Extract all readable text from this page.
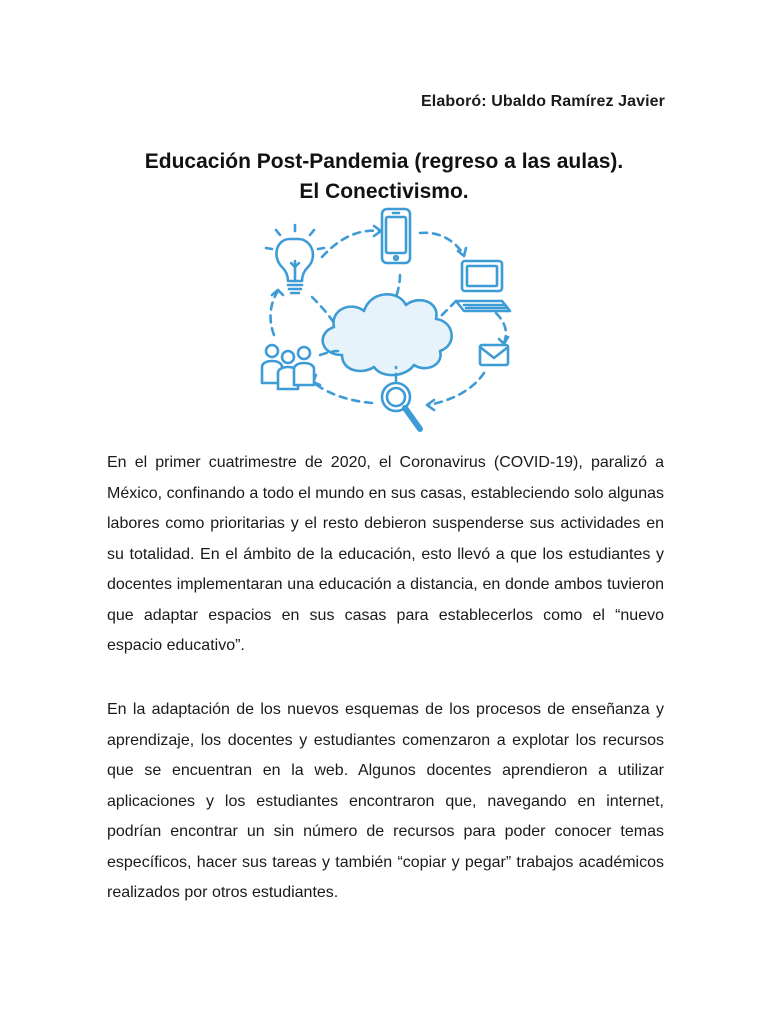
Elaboró: Ubaldo Ramírez Javier
Educación Post-Pandemia (regreso a las aulas).
El Conectivismo.
En el primer cuatrimestre de 2020, el Coronavirus (COVID-19), paralizó a México, confinando a todo el mundo en sus casas, estableciendo solo algunas labores como prioritarias y el resto debieron suspenderse sus actividades en su totalidad. En el ámbito de la educación, esto llevó a que los estudiantes y docentes implementaran una educación a distancia, en donde ambos tuvieron que adaptar espacios en sus casas para establecerlos como el “nuevo espacio educativo”.
En la adaptación de los nuevos esquemas de los procesos de enseñanza y aprendizaje, los docentes y estudiantes comenzaron a explotar los recursos que se encuentran en la web. Algunos docentes aprendieron a utilizar aplicaciones y los estudiantes encontraron que, navegando en internet, podrían encontrar un sin número de recursos para poder conocer temas específicos, hacer sus tareas y también “copiar y pegar” trabajos académicos realizados por otros estudiantes.
